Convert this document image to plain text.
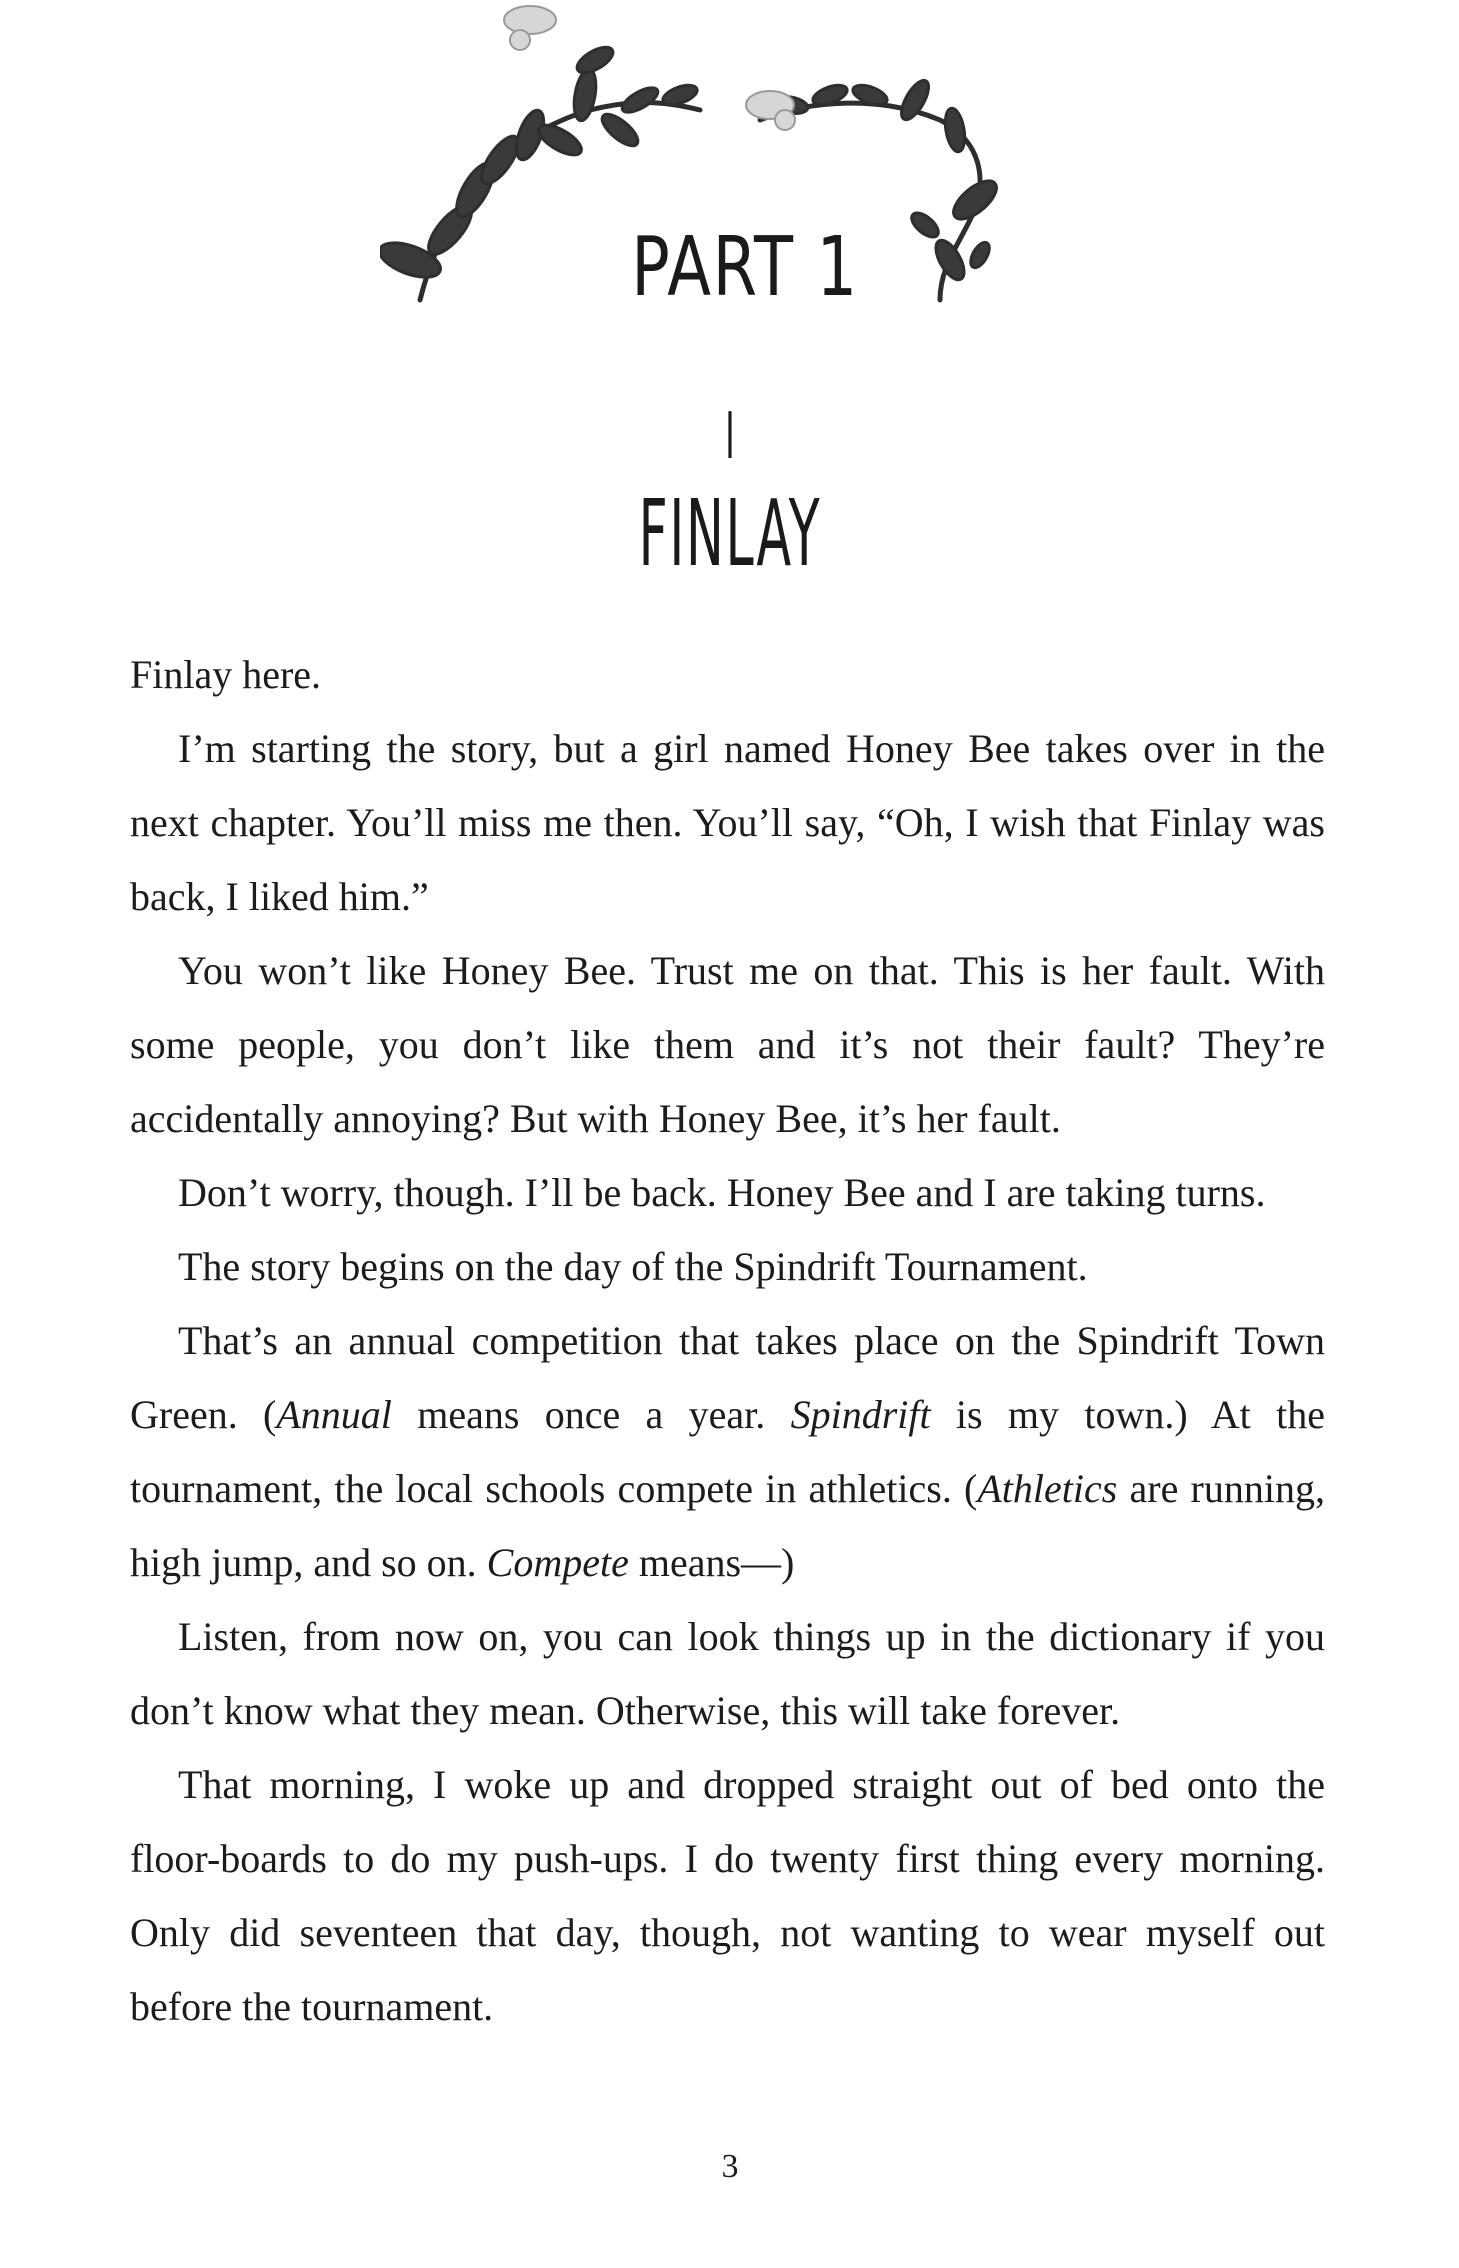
PART 1
I
FINLAY

Finlay here.

I’m starting the story, but a girl named Honey Bee takes over in the next chapter. You’ll miss me then. You’ll say, “Oh, I wish that Finlay was back, I liked him.”

You won’t like Honey Bee. Trust me on that. This is her fault. With some people, you don’t like them and it’s not their fault? They’re accidentally annoying? But with Honey Bee, it’s her fault.

Don’t worry, though. I’ll be back. Honey Bee and I are taking turns.

The story begins on the day of the Spindrift Tournament.

That’s an annual competition that takes place on the Spindrift Town Green. (Annual means once a year. Spindrift is my town.) At the tournament, the local schools compete in athletics. (Athletics are running, high jump, and so on. Compete means—)

Listen, from now on, you can look things up in the dictionary if you don’t know what they mean. Otherwise, this will take forever.

That morning, I woke up and dropped straight out of bed onto the floor-boards to do my push-ups. I do twenty first thing every morning. Only did seventeen that day, though, not wanting to wear myself out before the tournament.

3
